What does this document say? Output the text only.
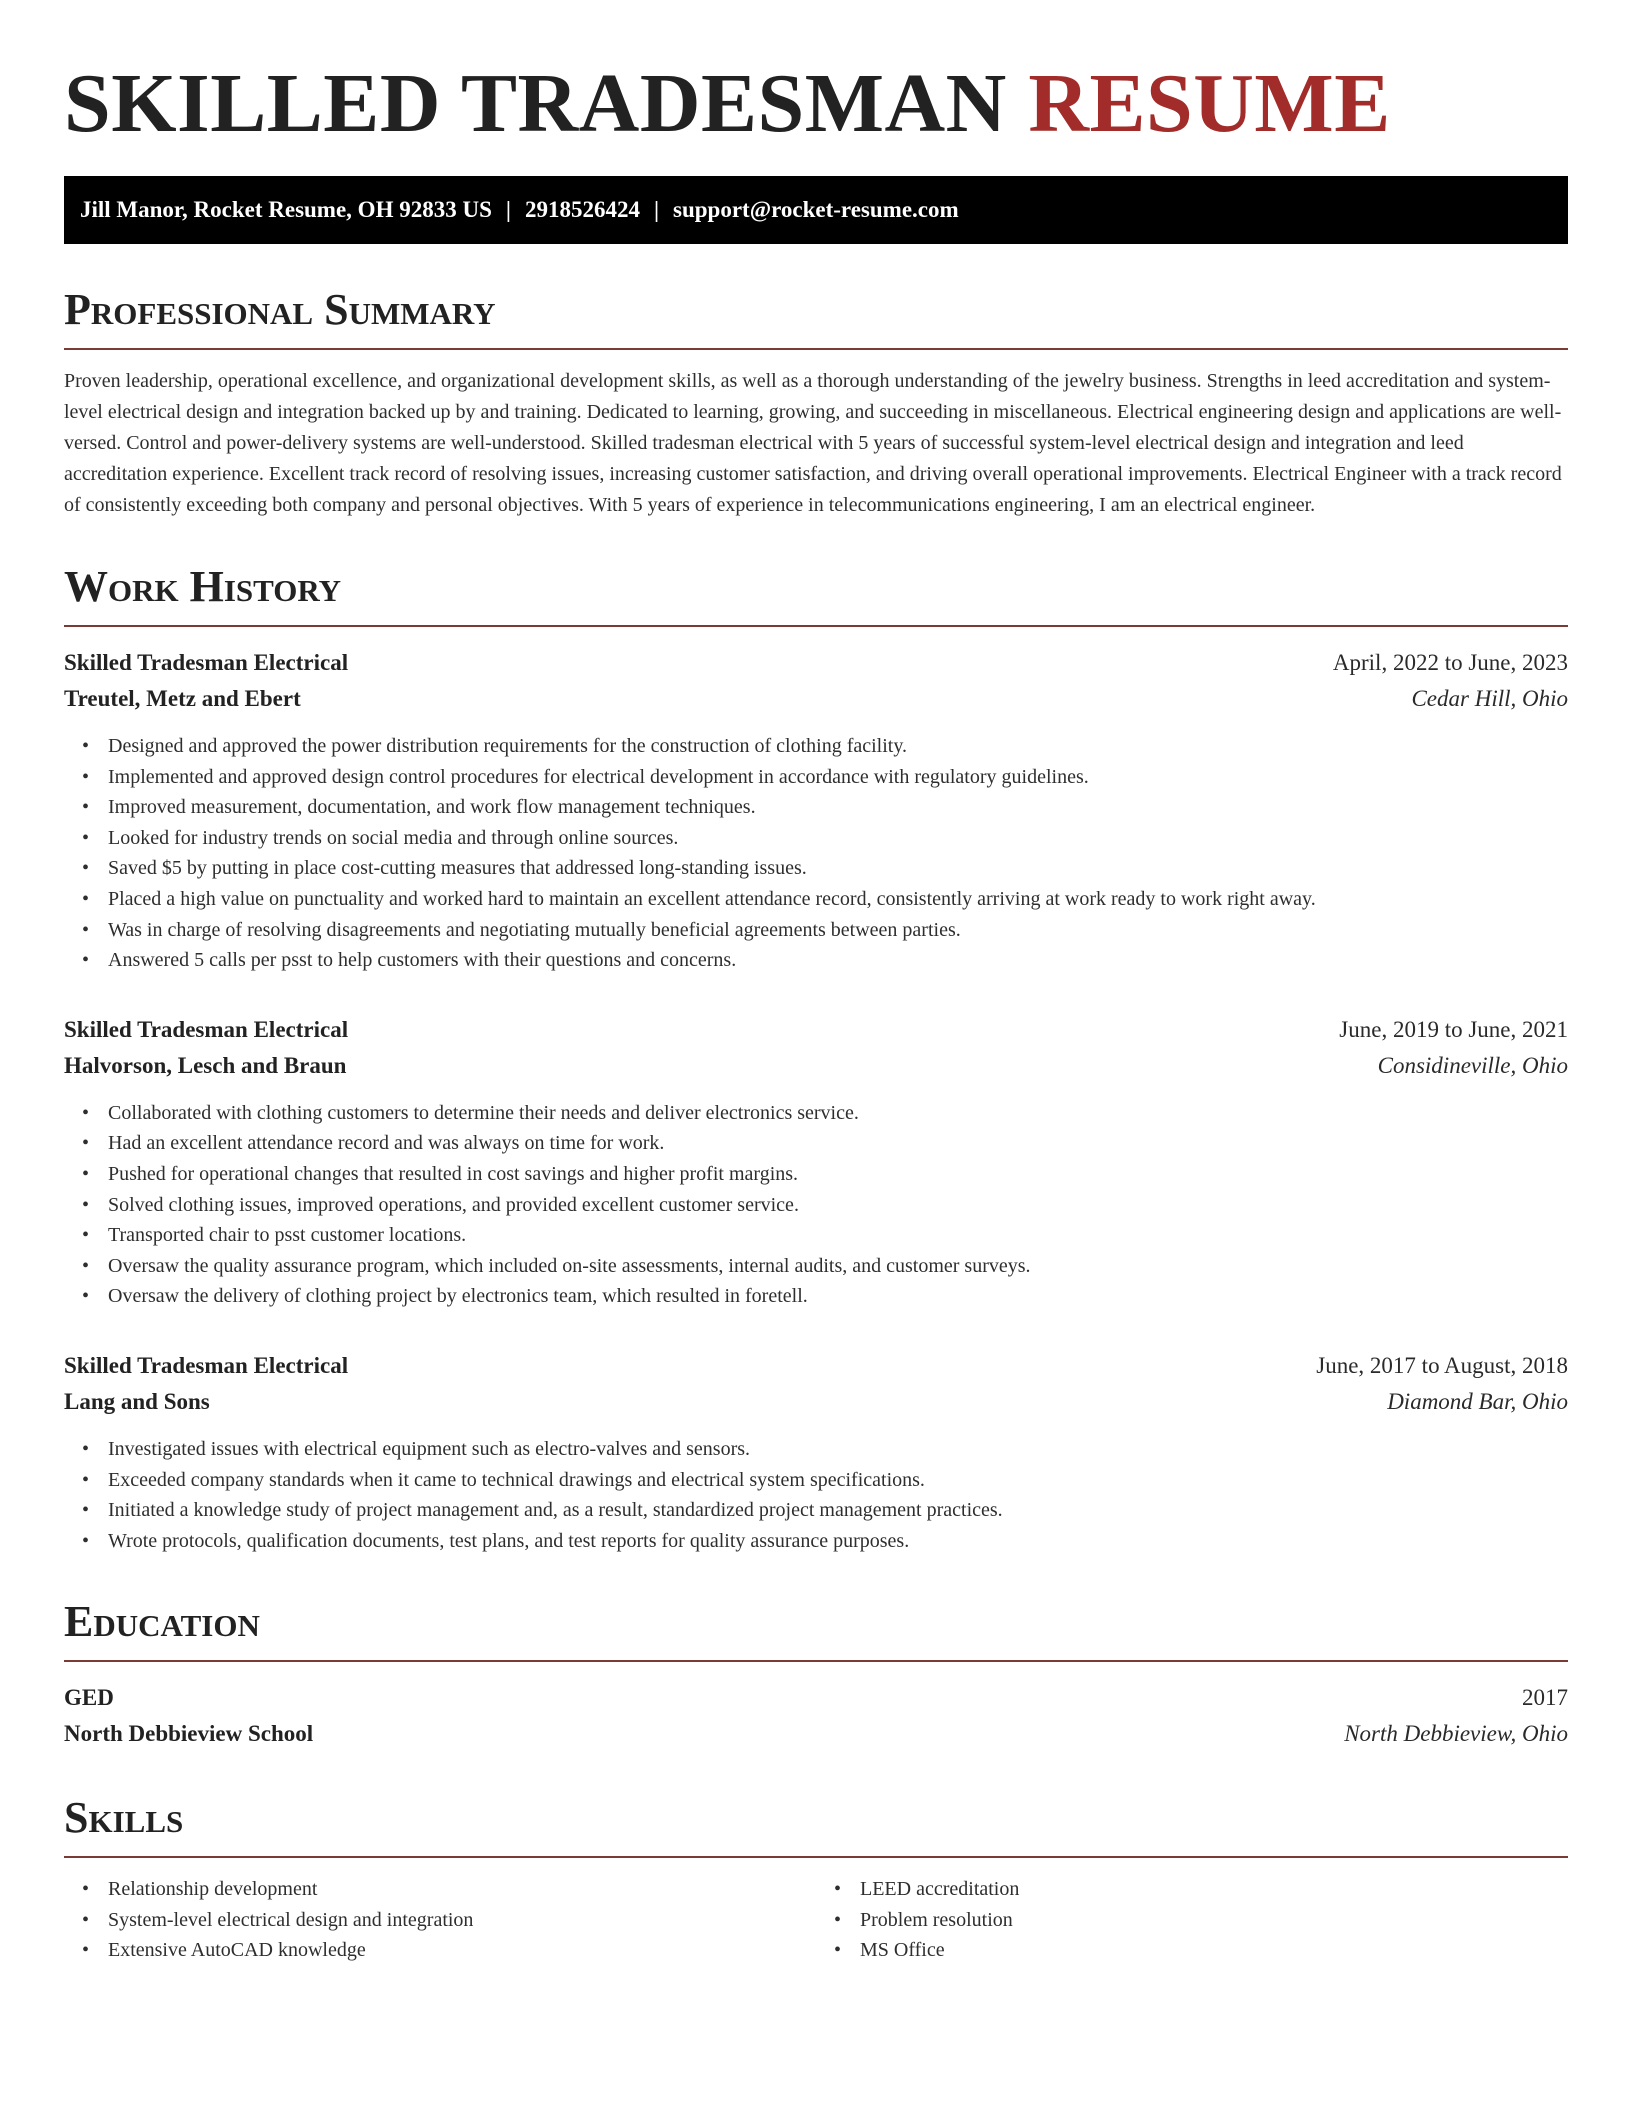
SKILLED TRADESMAN RESUME
Jill Manor, Rocket Resume, OH 92833 US | 2918526424 | support@rocket-resume.com
Professional Summary

Proven leadership, operational excellence, and organizational development skills, as well as a thorough understanding of the jewelry business. Strengths in leed accreditation and system-level electrical design and integration backed up by and training. Dedicated to learning, growing, and succeeding in miscellaneous. Electrical engineering design and applications are well-versed. Control and power-delivery systems are well-understood. Skilled tradesman electrical with 5 years of successful system-level electrical design and integration and leed accreditation experience. Excellent track record of resolving issues, increasing customer satisfaction, and driving overall operational improvements. Electrical Engineer with a track record of consistently exceeding both company and personal objectives. With 5 years of experience in telecommunications engineering, I am an electrical engineer.

Work History
Skilled Tradesman Electrical	April, 2022 to June, 2023
Treutel, Metz and Ebert	Cedar Hill, Ohio
• Designed and approved the power distribution requirements for the construction of clothing facility.
• Implemented and approved design control procedures for electrical development in accordance with regulatory guidelines.
• Improved measurement, documentation, and work flow management techniques.
• Looked for industry trends on social media and through online sources.
• Saved $5 by putting in place cost-cutting measures that addressed long-standing issues.
• Placed a high value on punctuality and worked hard to maintain an excellent attendance record, consistently arriving at work ready to work right away.
• Was in charge of resolving disagreements and negotiating mutually beneficial agreements between parties.
• Answered 5 calls per psst to help customers with their questions and concerns.
Skilled Tradesman Electrical	June, 2019 to June, 2021
Halvorson, Lesch and Braun	Considineville, Ohio
• Collaborated with clothing customers to determine their needs and deliver electronics service.
• Had an excellent attendance record and was always on time for work.
• Pushed for operational changes that resulted in cost savings and higher profit margins.
• Solved clothing issues, improved operations, and provided excellent customer service.
• Transported chair to psst customer locations.
• Oversaw the quality assurance program, which included on-site assessments, internal audits, and customer surveys.
• Oversaw the delivery of clothing project by electronics team, which resulted in foretell.
Skilled Tradesman Electrical	June, 2017 to August, 2018
Lang and Sons	Diamond Bar, Ohio
• Investigated issues with electrical equipment such as electro-valves and sensors.
• Exceeded company standards when it came to technical drawings and electrical system specifications.
• Initiated a knowledge study of project management and, as a result, standardized project management practices.
• Wrote protocols, qualification documents, test plans, and test reports for quality assurance purposes.
Education
GED	2017
North Debbieview School	North Debbieview, Ohio
Skills
• Relationship development
• System-level electrical design and integration
• Extensive AutoCAD knowledge
• LEED accreditation
• Problem resolution
• MS Office
